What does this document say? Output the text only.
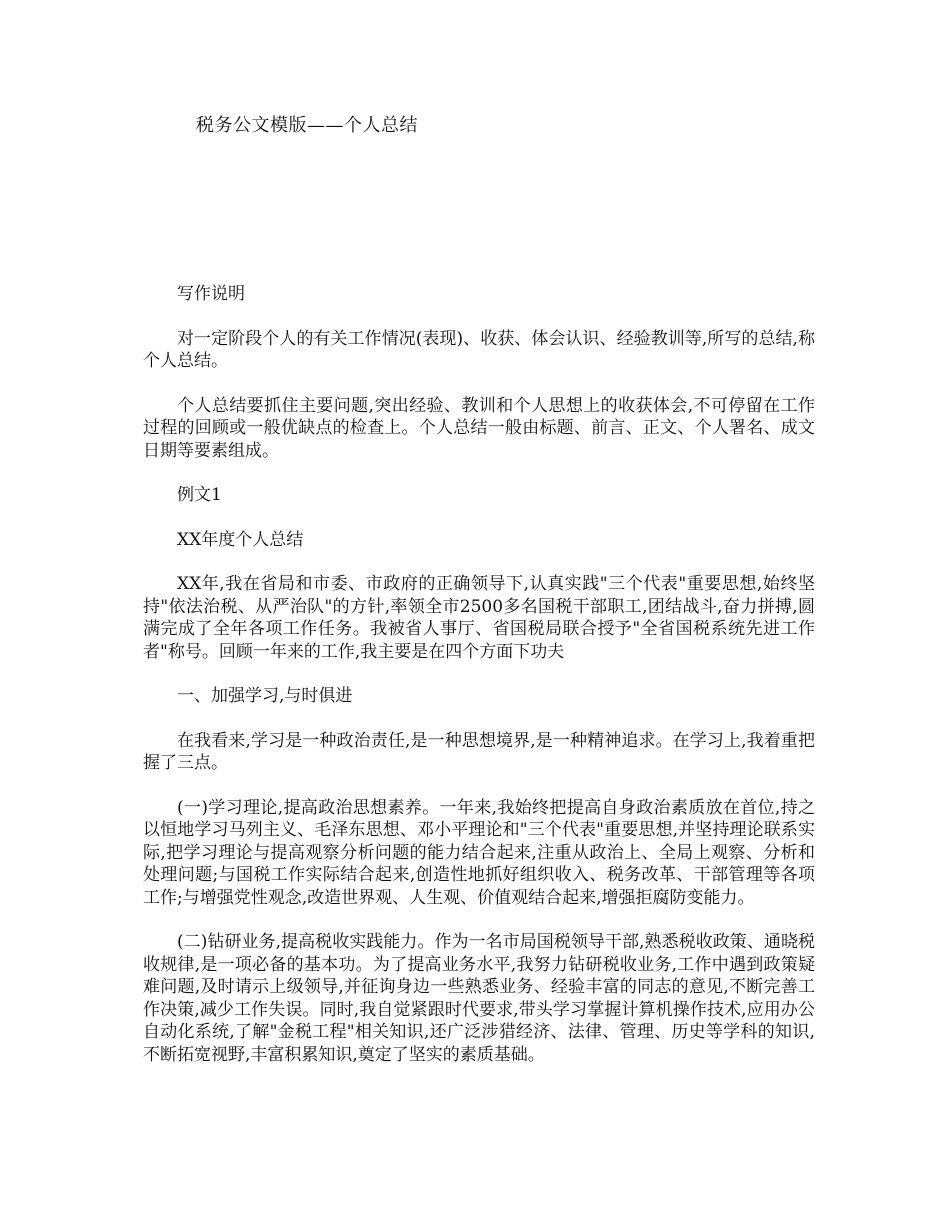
税务公文模版——个人总结

写作说明

对一定阶段个人的有关工作情况(表现)、收获、体会认识、经验教训等,所写的总结,称个人总结。

个人总结要抓住主要问题,突出经验、教训和个人思想上的收获体会,不可停留在工作过程的回顾或一般优缺点的检查上。个人总结一般由标题、前言、正文、个人署名、成文日期等要素组成。

例文1

XX年度个人总结

XX年,我在省局和市委、市政府的正确领导下,认真实践"三个代表"重要思想,始终坚持"依法治税、从严治队"的方针,率领全市2500多名国税干部职工,团结战斗,奋力拼搏,圆满完成了全年各项工作任务。我被省人事厅、省国税局联合授予"全省国税系统先进工作者"称号。回顾一年来的工作,我主要是在四个方面下功夫

一、加强学习,与时俱进

在我看来,学习是一种政治责任,是一种思想境界,是一种精神追求。在学习上,我着重把握了三点。

(一)学习理论,提高政治思想素养。一年来,我始终把提高自身政治素质放在首位,持之以恒地学习马列主义、毛泽东思想、邓小平理论和"三个代表"重要思想,并坚持理论联系实际,把学习理论与提高观察分析问题的能力结合起来,注重从政治上、全局上观察、分析和处理问题;与国税工作实际结合起来,创造性地抓好组织收入、税务改革、干部管理等各项工作;与增强党性观念,改造世界观、人生观、价值观结合起来,增强拒腐防变能力。

(二)钻研业务,提高税收实践能力。作为一名市局国税领导干部,熟悉税收政策、通晓税收规律,是一项必备的基本功。为了提高业务水平,我努力钻研税收业务,工作中遇到政策疑难问题,及时请示上级领导,并征询身边一些熟悉业务、经验丰富的同志的意见,不断完善工作决策,减少工作失误。同时,我自觉紧跟时代要求,带头学习掌握计算机操作技术,应用办公自动化系统,了解"金税工程"相关知识,还广泛涉猎经济、法律、管理、历史等学科的知识,不断拓宽视野,丰富积累知识,奠定了坚实的素质基础。
